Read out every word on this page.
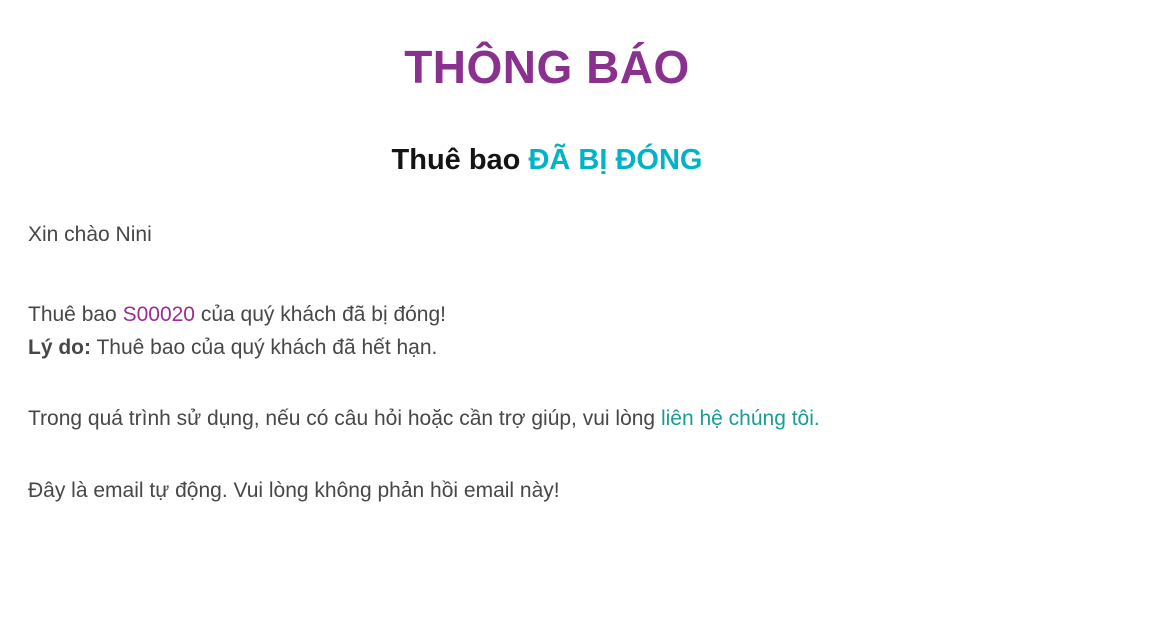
THÔNG BÁO
Thuê bao ĐÃ BỊ ĐÓNG

Xin chào Nini

Thuê bao S00020 của quý khách đã bị đóng!
Lý do: Thuê bao của quý khách đã hết hạn.

Trong quá trình sử dụng, nếu có câu hỏi hoặc cần trợ giúp, vui lòng liên hệ chúng tôi.

Đây là email tự động. Vui lòng không phản hồi email này!
